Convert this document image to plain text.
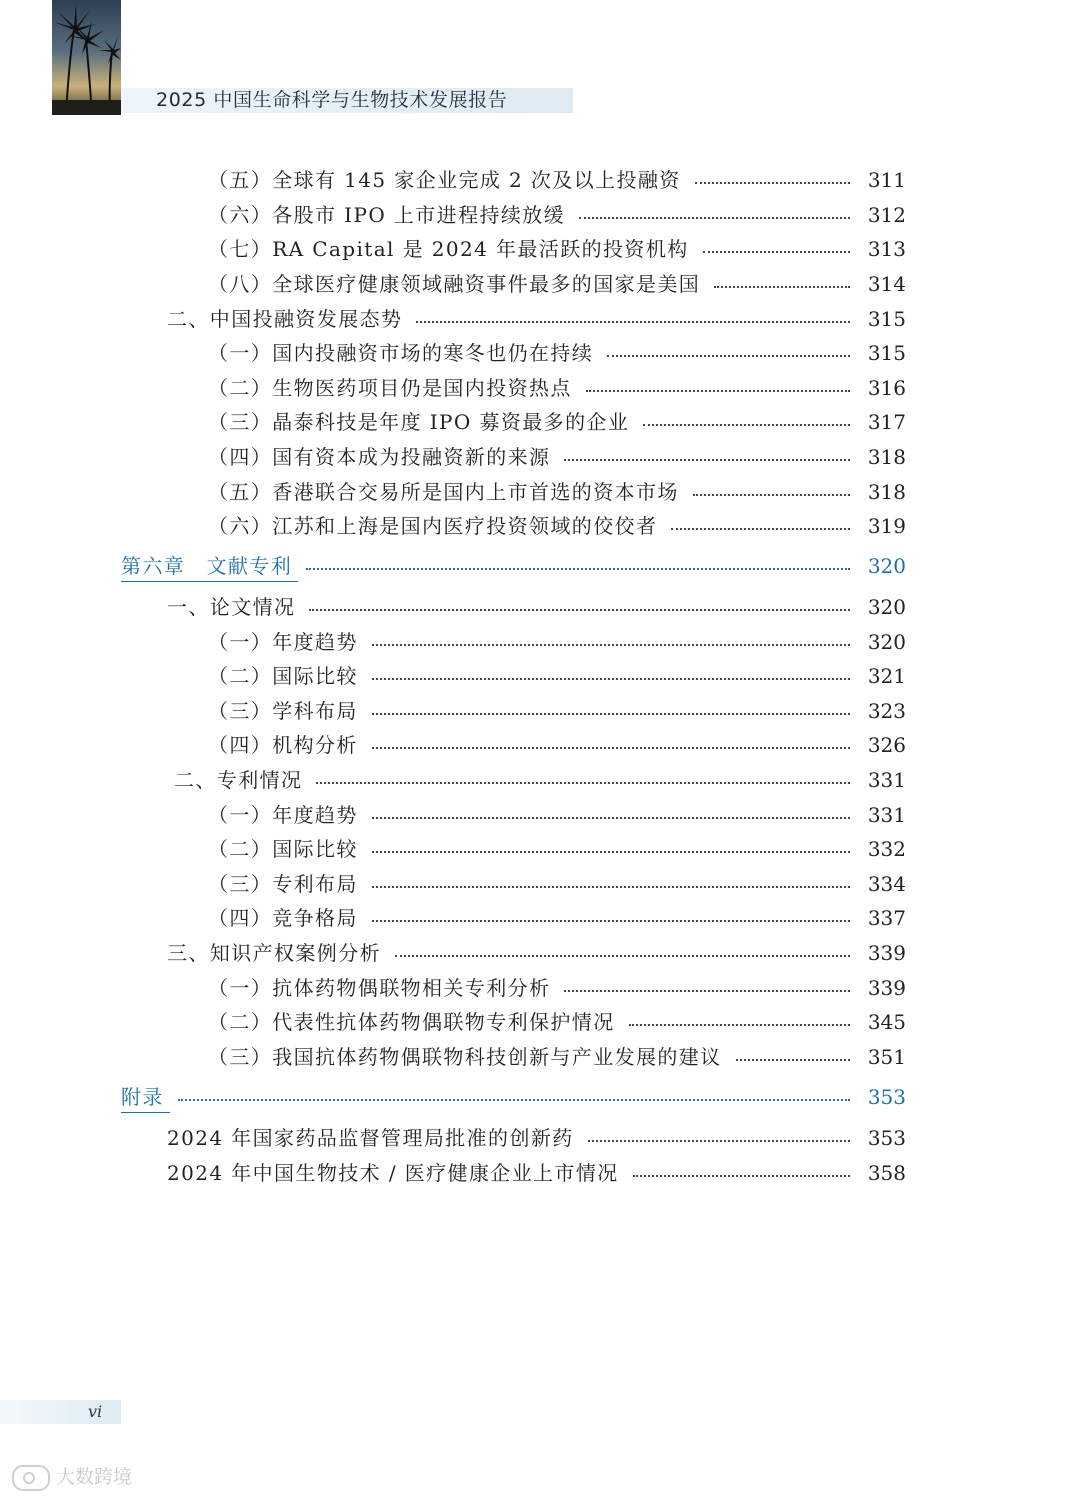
2025 中国生命科学与生物技术发展报告
（五）全球有 145 家企业完成 2 次及以上投融资	311
（六）各股市 IPO 上市进程持续放缓	312
（七）RA Capital 是 2024 年最活跃的投资机构	313
（八）全球医疗健康领域融资事件最多的国家是美国	314
二、中国投融资发展态势	315
（一）国内投融资市场的寒冬也仍在持续	315
（二）生物医药项目仍是国内投资热点	316
（三）晶泰科技是年度 IPO 募资最多的企业	317
（四）国有资本成为投融资新的来源	318
（五）香港联合交易所是国内上市首选的资本市场	318
（六）江苏和上海是国内医疗投资领域的佼佼者	319
第六章　文献专利	320
一、论文情况	320
（一）年度趋势	320
（二）国际比较	321
（三）学科布局	323
（四）机构分析	326
二、专利情况	331
（一）年度趋势	331
（二）国际比较	332
（三）专利布局	334
（四）竞争格局	337
三、知识产权案例分析	339
（一）抗体药物偶联物相关专利分析	339
（二）代表性抗体药物偶联物专利保护情况	345
（三）我国抗体药物偶联物科技创新与产业发展的建议	351
附录	353
2024 年国家药品监督管理局批准的创新药	353
2024 年中国生物技术 / 医疗健康企业上市情况	358
vi
大数跨境
